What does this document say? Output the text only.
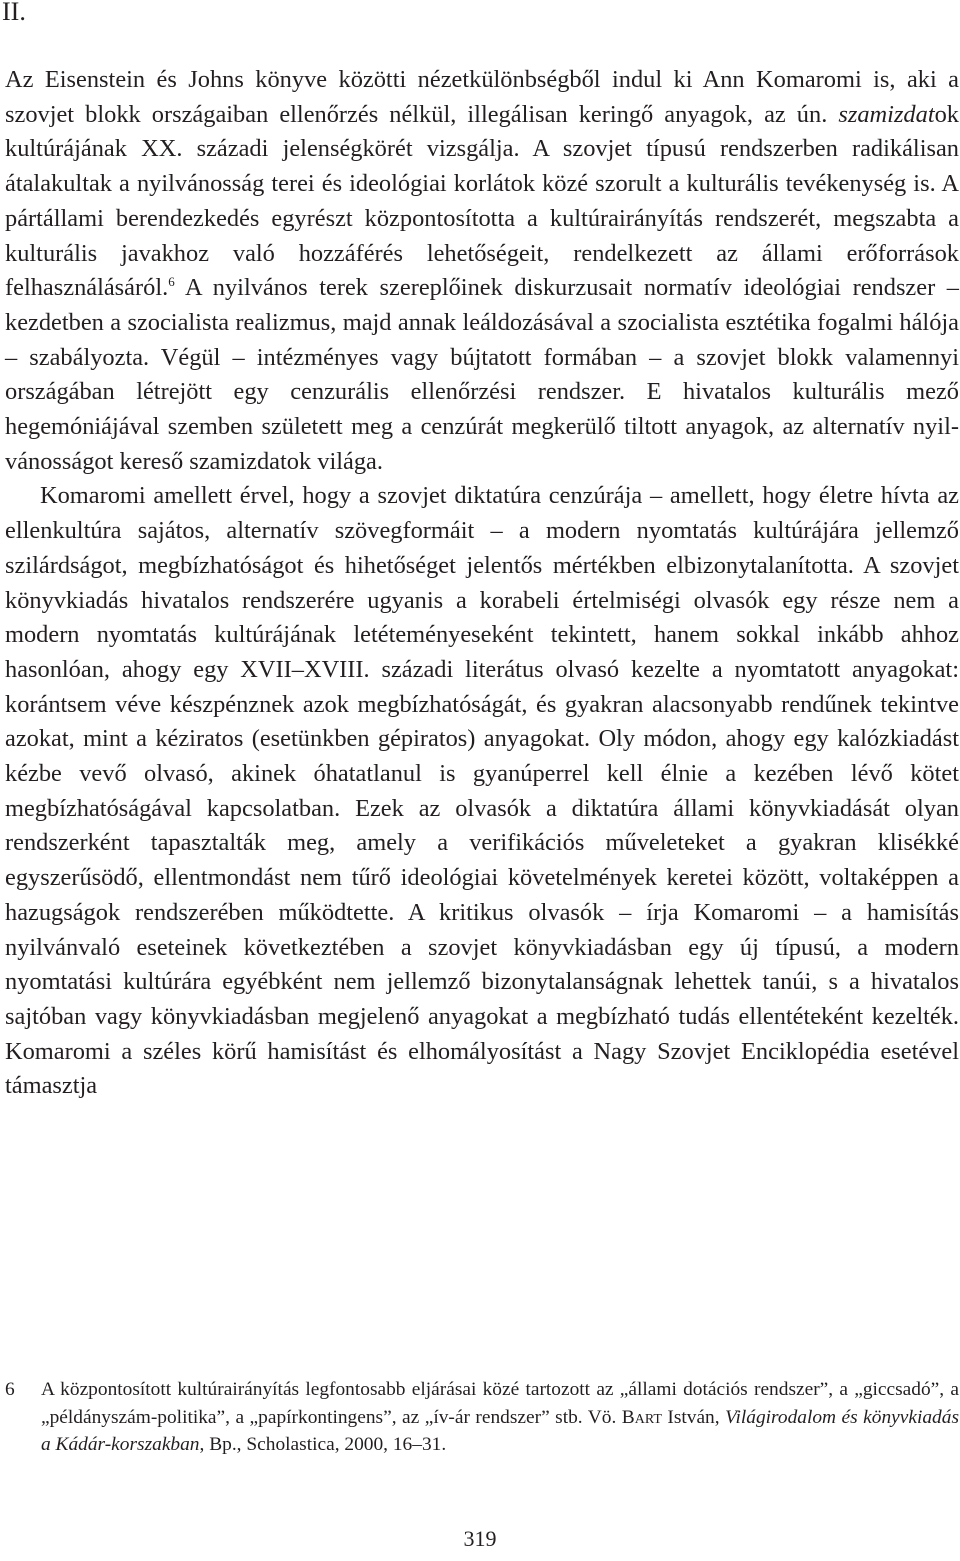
II.

Az Eisenstein és Johns könyve közötti nézetkülönbségből indul ki Ann Komaromi is, aki a szovjet blokk országaiban ellenőrzés nélkül, illegálisan keringő anyagok, az ún. szamizdatok kultúrájának XX. századi jelenségkörét vizsgálja. A szovjet típusú rendszerben radikálisan átalakultak a nyilvánosság terei és ideológiai korlátok közé szorult a kulturális tevékenység is. A pártállami berendezkedés egyrészt központosította a kultúrairányítás rendszerét, megszabta a kulturális javakhoz való hozzáférés lehetőségeit, rendelkezett az állami erőforrások felhasználásáról.$^6$ A nyilvános terek szereplőinek diskurzusait normatív ideológiai rendszer – kezdetben a szocialista realizmus, majd annak leáldozásával a szocialista esztétika fogalmi hálója – szabályozta. Végül – intézményes vagy bújtatott formában – a szovjet blokk valamennyi országában létrejött egy cenzurális ellenőrzési rendszer. E hivatalos kulturális mező hegemóniájával szemben született meg a cenzúrát megkerülő tiltott anyagok, az alternatív nyilvánosságot kereső szamizdatok világa.

Komaromi amellett érvel, hogy a szovjet diktatúra cenzúrája – amellett, hogy életre hívta az ellenkultúra sajátos, alternatív szövegformáit – a modern nyomtatás kultúrájára jellemző szilárdságot, megbízhatóságot és hihetőséget jelentős mértékben elbizonytalanította. A szovjet könyvkiadás hivatalos rendszerére ugyanis a korabeli értelmiségi olvasók egy része nem a modern nyomtatás kultúrájának letéteményeseként tekintett, hanem sokkal inkább ahhoz hasonlóan, ahogy egy XVII–XVIII. századi literátus olvasó kezelte a nyomtatott anyagokat: korántsem véve készpénznek azok megbízhatóságát, és gyakran alacsonyabb rendűnek tekintve azokat, mint a kéziratos (esetünkben gépiratos) anyagokat. Oly módon, ahogy egy kalózkiadást kézbe vevő olvasó, akinek óhatatlanul is gyanúperrel kell élnie a kezében lévő kötet megbízhatóságával kapcsolatban. Ezek az olvasók a diktatúra állami könyvkiadását olyan rendszerként tapasztalták meg, amely a verifikációs műveleteket a gyakran klisékké egyszerűsödő, ellentmondást nem tűrő ideológiai követelmények keretei között, voltaképpen a hazugságok rendszerében működtette. A kritikus olvasók – írja Komaromi – a hamisítás nyilvánvaló eseteinek következtében a szovjet könyvkiadásban egy új típusú, a modern nyomtatási kultúrára egyébként nem jellemző bizonytalanságnak lehettek tanúi, s a hivatalos sajtóban vagy könyvkiadásban megjelenő anyagokat a megbízható tudás ellentéteként kezelték. Komaromi a széles körű hamisítást és elhomályosítást a Nagy Szovjet Enciklopédia esetével támasztja

6	A központosított kultúrairányítás legfontosabb eljárásai közé tartozott az „állami dotációs rendszer”, a „giccsadó”, a „példányszám-politika”, a „papírkontingens”, az „ív-ár rendszer” stb. Vö. Bart István, Világirodalom és könyvkiadás a Kádár-korszakban, Bp., Scholastica, 2000, 16–31.
319
